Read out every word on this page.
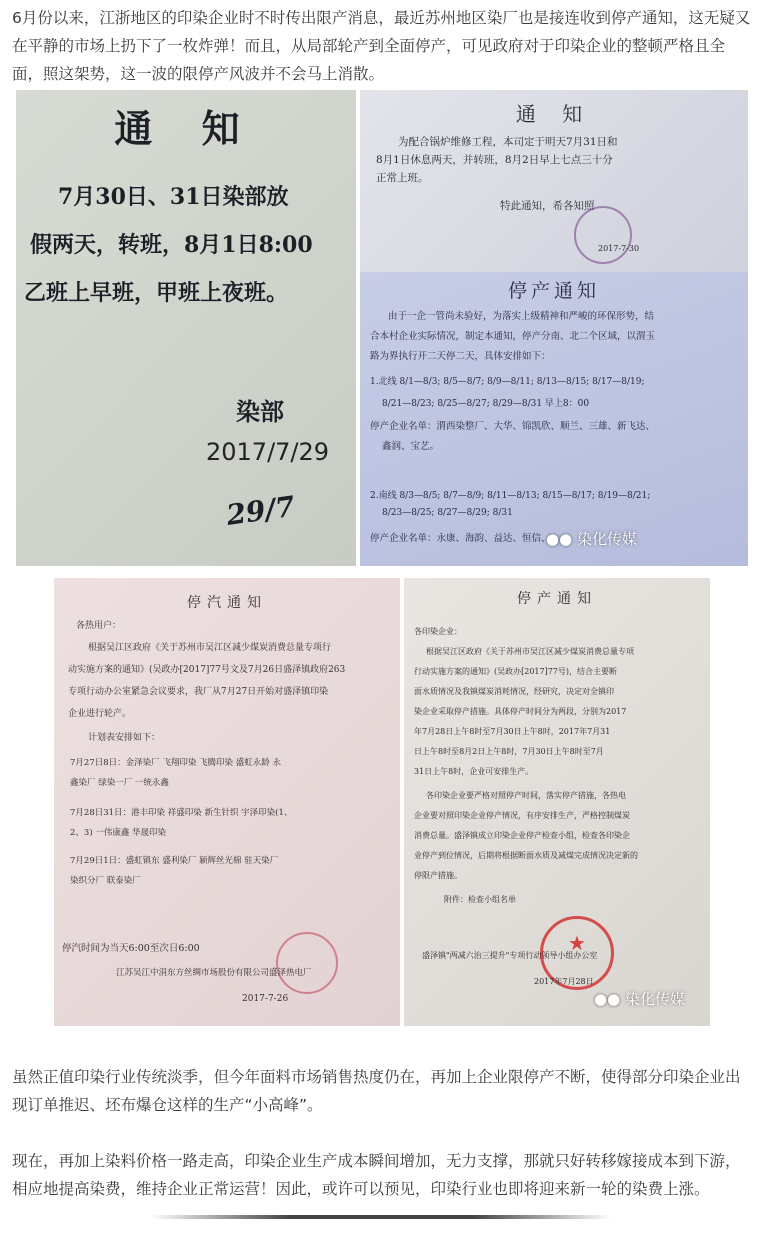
6月份以来，江浙地区的印染企业时不时传出限产消息，最近苏州地区染厂也是接连收到停产通知，这无疑又在平静的市场上扔下了一枚炸弹！而且，从局部轮产到全面停产，可见政府对于印染企业的整顿严格且全面，照这架势，这一波的限停产风波并不会马上消散。

通 知
7月30日、31日染部放
假两天，转班，8月1日8:00
乙班上早班，甲班上夜班。
染部
2017/7/29
29/7
通 知
为配合锅炉维修工程，本司定于明天7月31日和
8月1日休息两天，并转班，8月2日早上七点三十分
正常上班。
特此通知，希各知照
2017-7-30
停产通知
由于一企一管尚未验好，为落实上级精神和严峻的环保形势，结
合本村企业实际情况，制定本通知，停产分南、北二个区域，以渭玉
路为界执行开二天停二天，具体安排如下：
1.北线 8/1—8/3; 8/5—8/7; 8/9—8/11; 8/13—8/15; 8/17—8/19;
8/21—8/23; 8/25—8/27; 8/29—8/31 早上8：00
停产企业名单：渭西染整厂、大华、锦凯欣、顺兰、三雄、新飞达、
鑫润、宝艺。
2.南线 8/3—8/5; 8/7—8/9; 8/11—8/13; 8/15—8/17; 8/19—8/21;
8/23—8/25; 8/27—8/29; 8/31
停产企业名单：永康、海韵、益达、恒信、
●● 染化传媒
停汽通知
各热用户：
根据吴江区政府《关于苏州市吴江区减少煤炭消费总量专项行
动实施方案的通知》(吴政办[2017]77号文及7月26日盛泽镇政府263
专项行动办公室紧急会议要求，我厂从7月27日开始对盛泽镇印染
企业进行轮产。
计划表安排如下：
7月27日8日：金泽染厂 飞翔印染 飞腾印染 盛虹永龄 永
鑫染厂 绿染一厂 一统永鑫
7月28日31日：港丰印染 祥盛印染 新生针织 宇泽印染(1、
2、3) 一伟康鑫 华晟印染
7月29日1日：盛虹镇东 盛利染厂 颖辉丝光棉 驻天染厂
染织分厂 联泰染厂
停汽时间为当天6:00至次日6:00
江苏吴江中涓东方丝绸市场股份有限公司盛泽热电厂
2017-7-26
停产通知
各印染企业：
根据吴江区政府《关于苏州市吴江区减少煤炭消费总量专项
行动实施方案的通知》(吴政办[2017]77号)，结合主要断
面水质情况及我镇煤炭消耗情况，经研究，决定对全镇印
染企业采取停产措施。具体停产时间分为两段，分别为2017
年7月28日上午8时至7月30日上午8时，2017年7月31
日上午8时至8月2日上午8时，7月30日上午8时至7月
31日上午8时，企业可安排生产。
各印染企业要严格对照停产时间，落实停产措施，各热电
企业要对照印染企业停产情况，有序安排生产，严格控制煤炭
消费总量。盛泽镇成立印染企业停产检查小组，检查各印染企
业停产到位情况，后期将根据断面水质及减煤完成情况决定新的
停限产措施。
附件：检查小组名单
★
盛泽镇"两减六治三提升"专项行动领导小组办公室
2017年7月28日
●● 染化传媒

虽然正值印染行业传统淡季，但今年面料市场销售热度仍在，再加上企业限停产不断，使得部分印染企业出现订单推迟、坯布爆仓这样的生产“小高峰”。

现在，再加上染料价格一路走高，印染企业生产成本瞬间增加，无力支撑，那就只好转移嫁接成本到下游，相应地提高染费，维持企业正常运营！因此，或许可以预见，印染行业也即将迎来新一轮的染费上涨。
